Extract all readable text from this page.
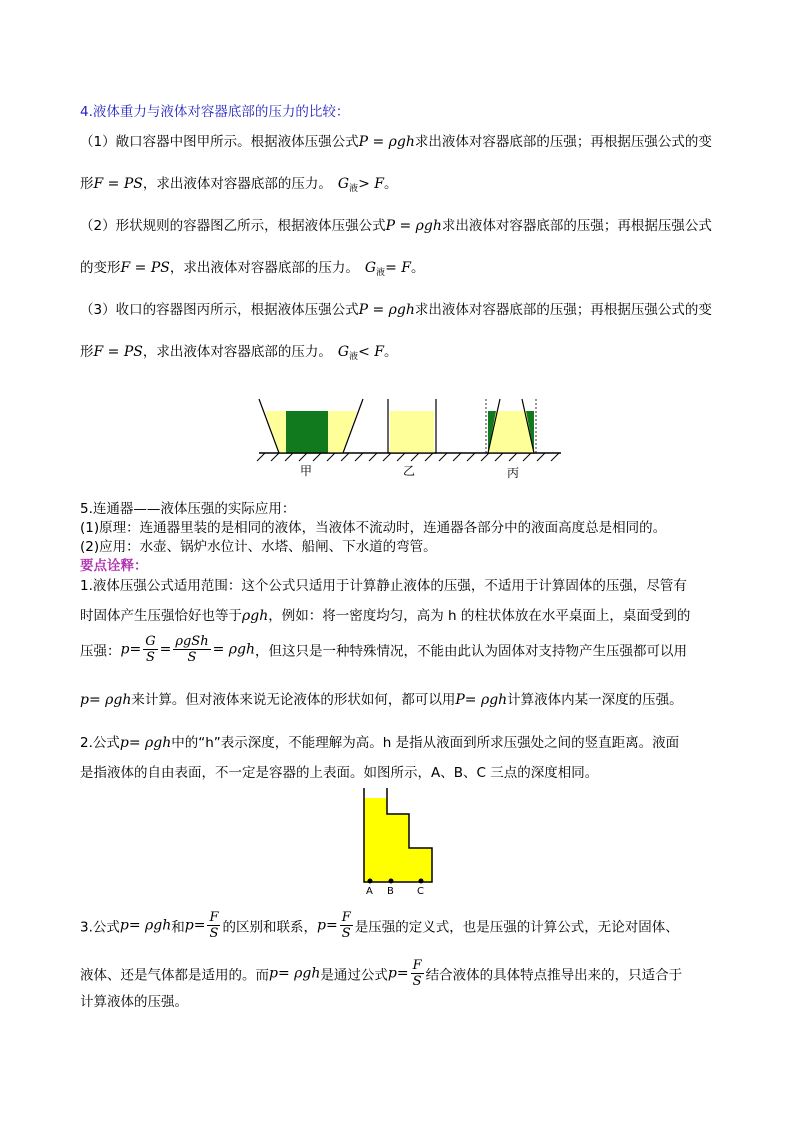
4.液体重力与液体对容器底部的压力的比较：
（1）敞口容器中图甲所示。根据液体压强公式P = ρgh求出液体对容器底部的压强；再根据压强公式的变
形F = PS，求出液体对容器底部的压力。 $G_液> F$。
（2）形状规则的容器图乙所示，根据液体压强公式P = ρgh求出液体对容器底部的压强；再根据压强公式
的变形F = PS，求出液体对容器底部的压力。 $G_液= F$。
（3）收口的容器图丙所示，根据液体压强公式P = ρgh求出液体对容器底部的压强；再根据压强公式的变
形F = PS，求出液体对容器底部的压力。 $G_液< F$。
甲	乙	丙
5.连通器——液体压强的实际应用：
(1)原理：连通器里装的是相同的液体，当液体不流动时，连通器各部分中的液面高度总是相同的。
(2)应用：水壶、锅炉水位计、水塔、船闸、下水道的弯管。
要点诠释：
1.液体压强公式适用范围：这个公式只适用于计算静止液体的压强，不适用于计算固体的压强，尽管有
时固体产生压强恰好也等于ρgh，例如：将一密度均匀，高为 h 的柱状体放在水平桌面上，桌面受到的
压强：$p= \frac{G}{S} = \frac{\text{ρgSh}}{S} = \rho gh$，但这只是一种特殊情况，不能由此认为固体对支持物产生压强都可以用
p= ρgh来计算。但对液体来说无论液体的形状如何，都可以用P= ρgh计算液体内某一深度的压强。
2.公式p= ρgh中的“h”表示深度，不能理解为高。h 是指从液面到所求压强处之间的竖直距离。液面
是指液体的自由表面，不一定是容器的上表面。如图所示，A、B、C 三点的深度相同。
A B C
3.公式p= ρgh和$p= \frac{F}{S}$ 的区别和联系，$p= \frac{F}{S}$ 是压强的定义式，也是压强的计算公式，无论对固体、
液体、还是气体都是适用的。而p= ρgh是通过公式$p= \frac{F}{S}$ 结合液体的具体特点推导出来的，只适合于
计算液体的压强。
